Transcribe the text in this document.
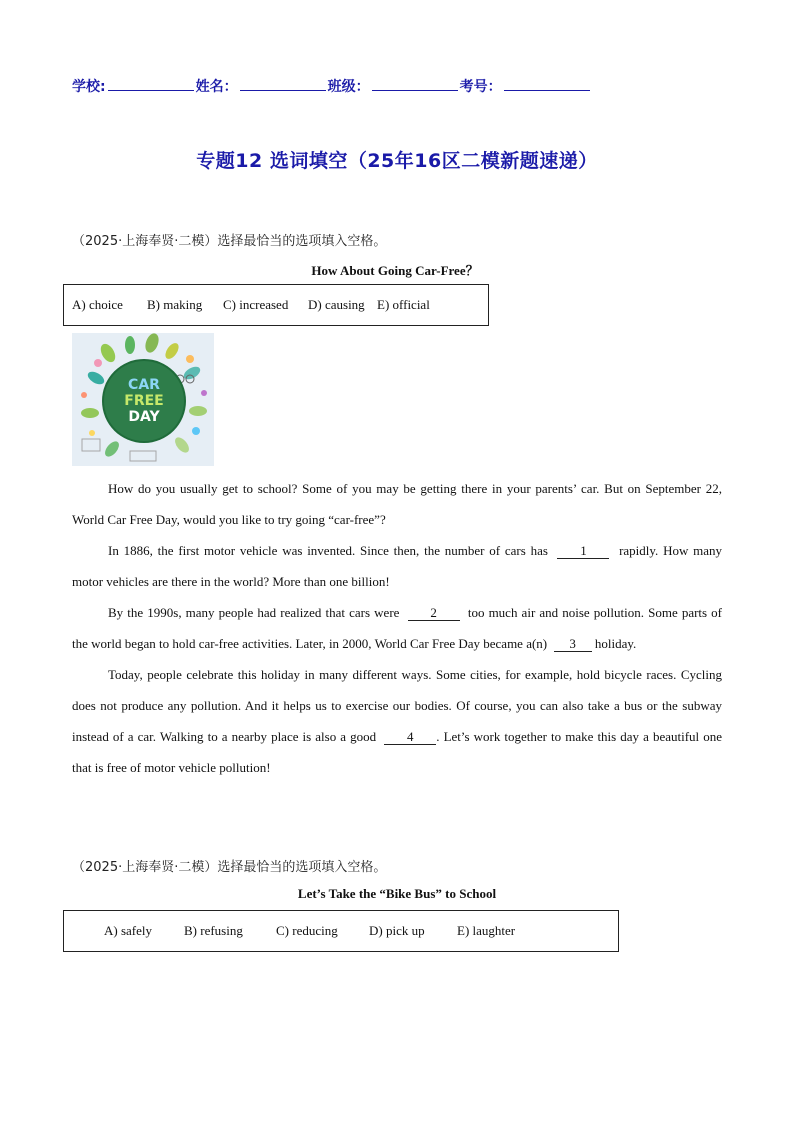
学校:	姓名：	班级：	考号：
专题12 选词填空（25年16区二模新题速递）
（2025·上海奉贤·二模）选择最恰当的选项填入空格。
How About Going Car-Free？
A) choice B) making C) increased D) causing E) official
CAR
FREE
DAY

How do you usually get to school? Some of you may be getting there in your parents’ car. But on September 22, World Car Free Day, would you like to try going “car-free”?

In 1886, the first motor vehicle was invented. Since then, the number of cars has 1 rapidly. How many motor vehicles are there in the world? More than one billion!

By the 1990s, many people had realized that cars were 2 too much air and noise pollution. Some parts of the world began to hold car-free activities. Later, in 2000, World Car Free Day became a(n) 3 holiday.

Today, people celebrate this holiday in many different ways. Some cities, for example, hold bicycle races. Cycling does not produce any pollution. And it helps us to exercise our bodies. Of course, you can also take a bus or the subway instead of a car. Walking to a nearby place is also a good 4 . Let’s work together to make this day a beautiful one that is free of motor vehicle pollution!

（2025·上海奉贤·二模）选择最恰当的选项填入空格。
Let’s Take the “Bike Bus” to School
A) safely B) refusing	C) reducing D) pick up E) laughter
